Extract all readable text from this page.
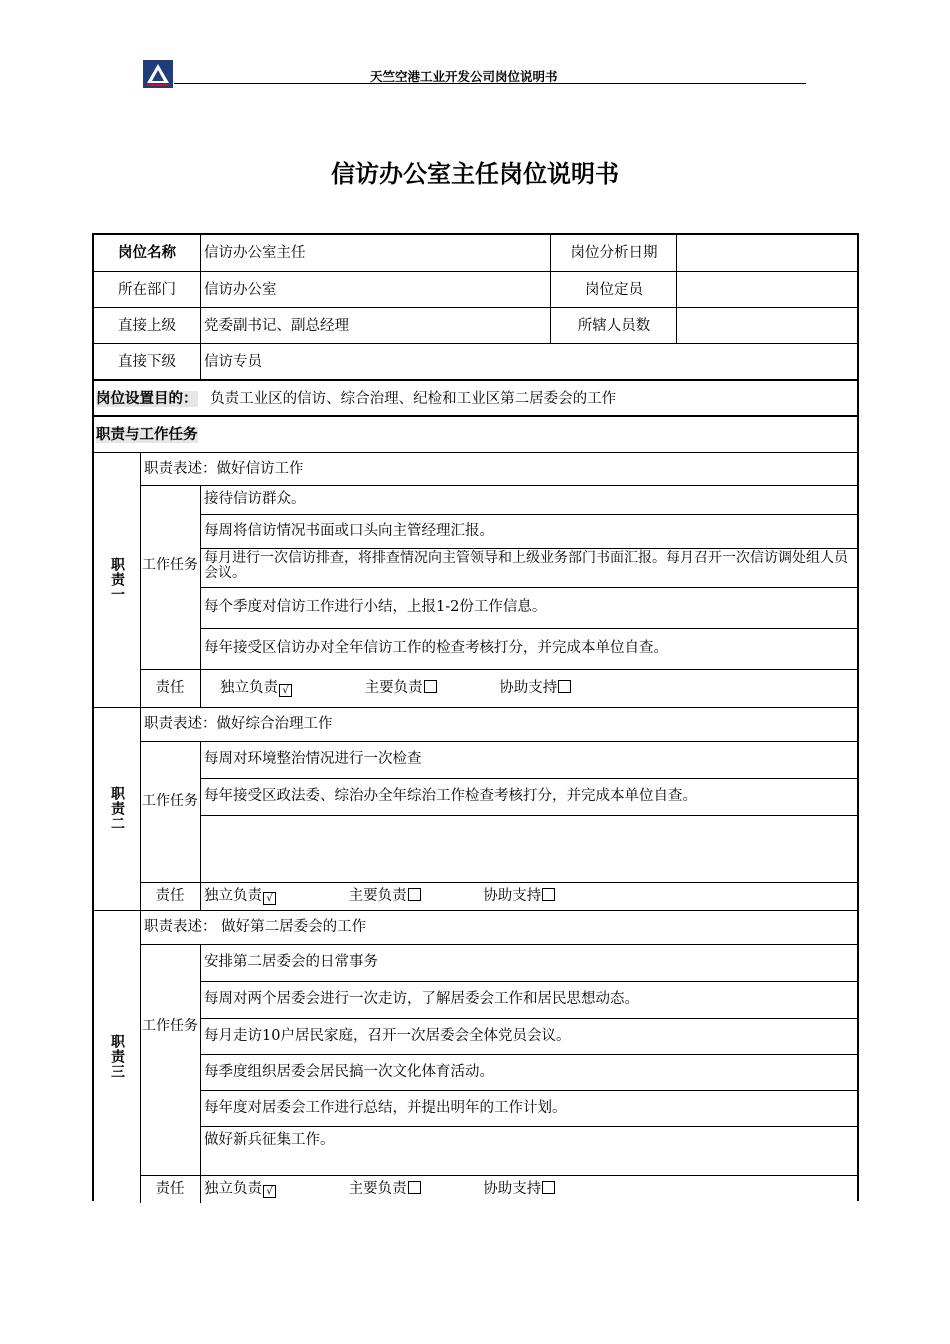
天竺空港工业开发公司岗位说明书
信访办公室主任岗位说明书
岗位名称	信访办公室主任	岗位分析日期
所在部门	信访办公室	岗位定员
直接上级	党委副书记、副总经理	所辖人员数
直接下级	信访专员
岗位设置目的： 负责工业区的信访、综合治理、纪检和工业区第二居委会的工作
职责与工作任务
职责一
职责表述：做好信访工作
工作任务
接待信访群众。
每周将信访情况书面或口头向主管经理汇报。
每月进行一次信访排查，将排查情况向主管领导和上级业务部门书面汇报。每月召开一次信访调处组人员会议。
每个季度对信访工作进行小结，上报1-2份工作信息。
每年接受区信访办对全年信访工作的检查考核打分，并完成本单位自查。
责任	独立负责 √	主要负责	协助支持
职责二
职责表述：做好综合治理工作
工作任务
每周对环境整治情况进行一次检查
每年接受区政法委、综治办全年综治工作检查考核打分，并完成本单位自查。
责任	独立负责 √	主要负责	协助支持
职责三
职责表述： 做好第二居委会的工作
工作任务
安排第二居委会的日常事务
每周对两个居委会进行一次走访，了解居委会工作和居民思想动态。
每月走访10户居民家庭，召开一次居委会全体党员会议。
每季度组织居委会居民搞一次文化体育活动。
每年度对居委会工作进行总结，并提出明年的工作计划。
做好新兵征集工作。
责任	独立负责 √	主要负责	协助支持
